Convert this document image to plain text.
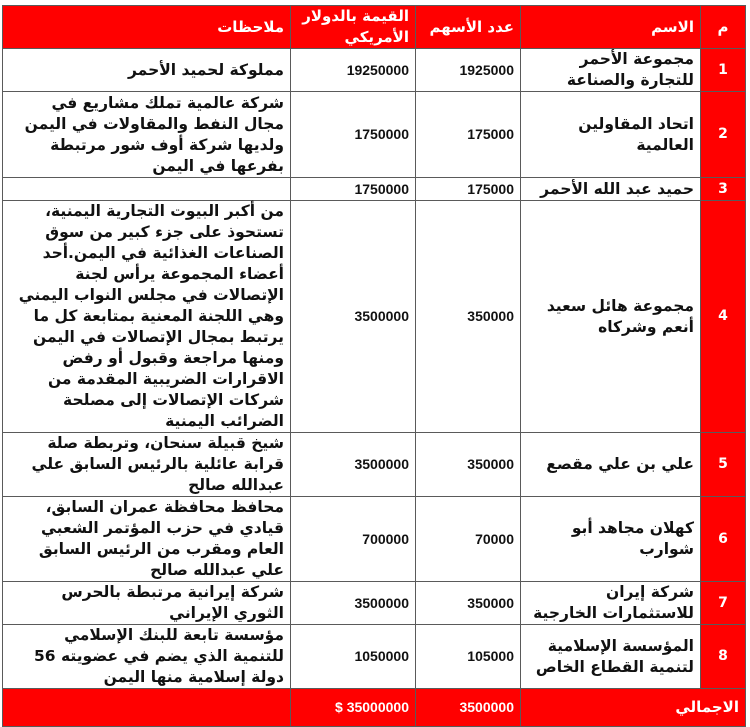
م	الاسم	عدد الأسهم	القيمة بالدولار الأمريكي	ملاحظات
1	مجموعة الأحمر للتجارة والصناعة	1925000	19250000	مملوكة لحميد الأحمر
2	اتحاد المقاولين العالمية	175000	1750000	شركة عالمية تملك مشاريع في مجال النفط والمقاولات في اليمن ولديها شركة أوف شور مرتبطة بفرعها في اليمن
3	حميد عبد الله الأحمر	175000	1750000	
4	مجموعة هائل سعيد أنعم وشركاه	350000	3500000	من أكبر البيوت التجارية اليمنية، تستحوذ على جزء كبير من سوق الصناعات الغذائية في اليمن.أحد أعضاء المجموعة يرأس لجنة الإتصالات في مجلس النواب اليمني وهي اللجنة المعنية بمتابعة كل ما يرتبط بمجال الإتصالات في اليمن ومنها مراجعة وقبول أو رفض الاقرارات الضريبية المقدمة من شركات الإتصالات إلى مصلحة الضرائب اليمنية
5	علي بن علي مقصع	350000	3500000	شيخ قبيلة سنحان، وتربطة صلة قرابة عائلية بالرئيس السابق علي عبدالله صالح
6	كهلان مجاهد أبو شوارب	70000	700000	محافظ محافظة عمران السابق، قيادي في حزب المؤتمر الشعبي العام ومقرب من الرئيس السابق علي عبدالله صالح
7	شركة إيران للاستثمارات الخارجية	350000	3500000	شركة إيرانية مرتبطة بالحرس الثوري الإيراني
8	المؤسسة الإسلامية لتنمية القطاع الخاص	105000	1050000	مؤسسة تابعة للبنك الإسلامي للتنمية الذي يضم في عضويته 56 دولة إسلامية منها اليمن
الاجمالي		3500000	35000000 $	
